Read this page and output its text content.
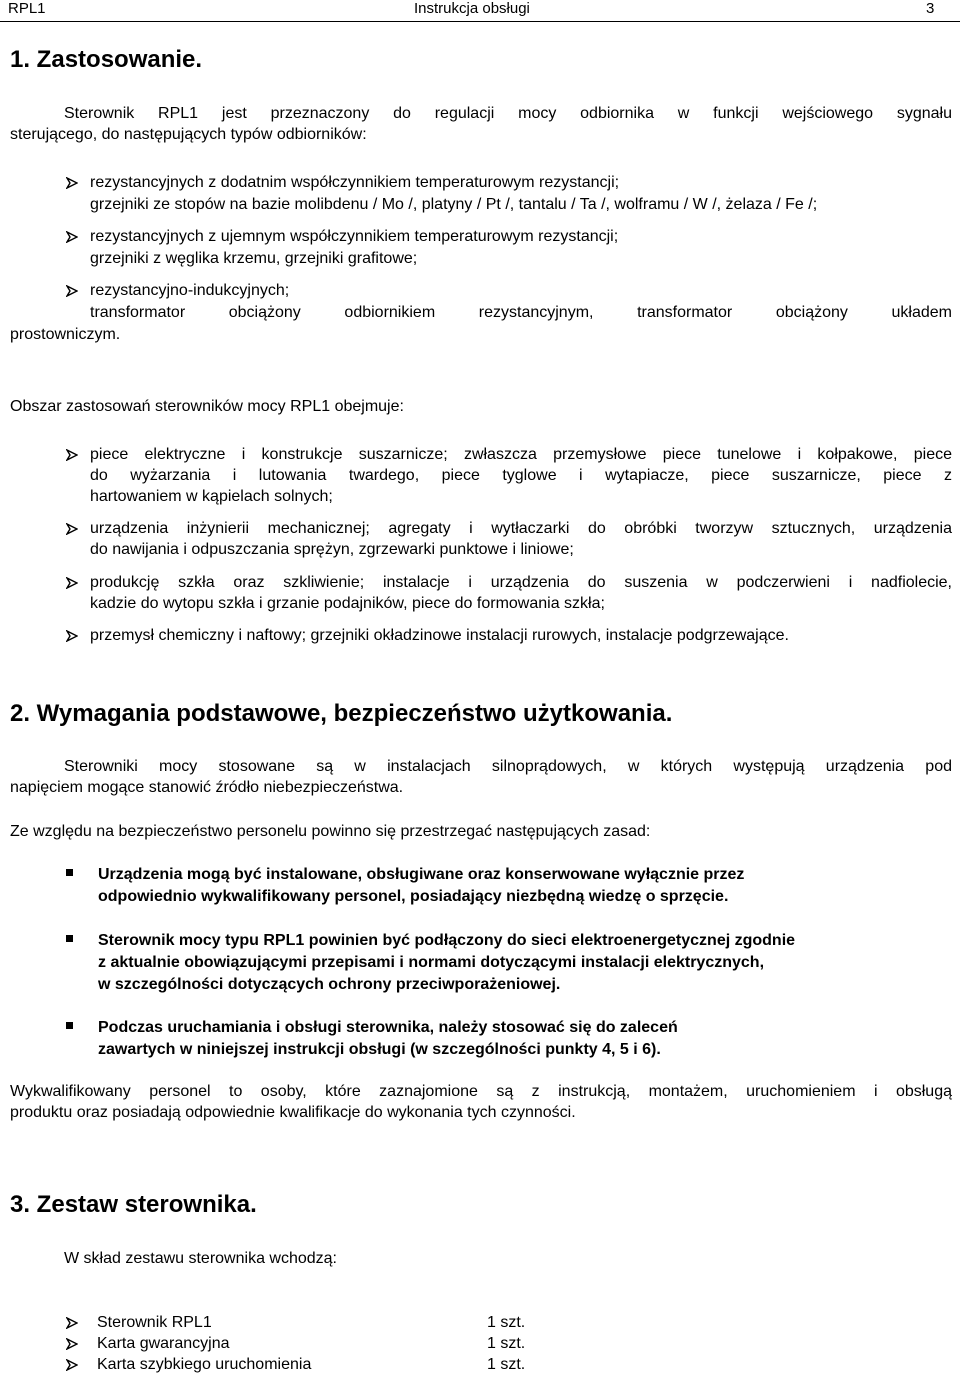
RPL1	Instrukcja obsługi	3
1. Zastosowanie.
Sterownik RPL1 jest przeznaczony do regulacji mocy odbiornika w funkcji wejściowego sygnału
sterującego, do następujących typów odbiorników:
rezystancyjnych z dodatnim współczynnikiem temperaturowym rezystancji;
grzejniki ze stopów na bazie molibdenu / Mo /, platyny / Pt /, tantalu / Ta /, wolframu / W /, żelaza / Fe /;
rezystancyjnych z ujemnym współczynnikiem temperaturowym rezystancji;
grzejniki z węglika krzemu, grzejniki grafitowe;
rezystancyjno-indukcyjnych;
transformator obciążony odbiornikiem rezystancyjnym, transformator obciążony układem
prostowniczym.
Obszar zastosowań sterowników mocy RPL1 obejmuje:
piece elektryczne i konstrukcje suszarnicze; zwłaszcza przemysłowe piece tunelowe i kołpakowe, piece
do wyżarzania i lutowania twardego, piece tyglowe i wytapiacze, piece suszarnicze, piece z
hartowaniem w kąpielach solnych;
urządzenia inżynierii mechanicznej; agregaty i wytłaczarki do obróbki tworzyw sztucznych, urządzenia
do nawijania i odpuszczania sprężyn, zgrzewarki punktowe i liniowe;
produkcję szkła oraz szkliwienie; instalacje i urządzenia do suszenia w podczerwieni i nadfiolecie,
kadzie do wytopu szkła i grzanie podajników, piece do formowania szkła;
przemysł chemiczny i naftowy; grzejniki okładzinowe instalacji rurowych, instalacje podgrzewające.
2. Wymagania podstawowe, bezpieczeństwo użytkowania.
Sterowniki mocy stosowane są w instalacjach silnoprądowych, w których występują urządzenia pod
napięciem mogące stanowić źródło niebezpieczeństwa.
Ze względu na bezpieczeństwo personelu powinno się przestrzegać następujących zasad:
Urządzenia mogą być instalowane, obsługiwane oraz konserwowane wyłącznie przez
odpowiednio wykwalifikowany personel, posiadający niezbędną wiedzę o sprzęcie.
Sterownik mocy typu RPL1 powinien być podłączony do sieci elektroenergetycznej zgodnie
z aktualnie obowiązującymi przepisami i normami dotyczącymi instalacji elektrycznych,
w szczególności dotyczących ochrony przeciwporażeniowej.
Podczas uruchamiania i obsługi sterownika, należy stosować się do zaleceń
zawartych w niniejszej instrukcji obsługi (w szczególności punkty 4, 5 i 6).
Wykwalifikowany personel to osoby, które zaznajomione są z instrukcją, montażem, uruchomieniem i obsługą
produktu oraz posiadają odpowiednie kwalifikacje do wykonania tych czynności.
3. Zestaw sterownika.
W skład zestawu sterownika wchodzą:
Sterownik RPL1	1 szt.
Karta gwarancyjna	1 szt.
Karta szybkiego uruchomienia	1 szt.
